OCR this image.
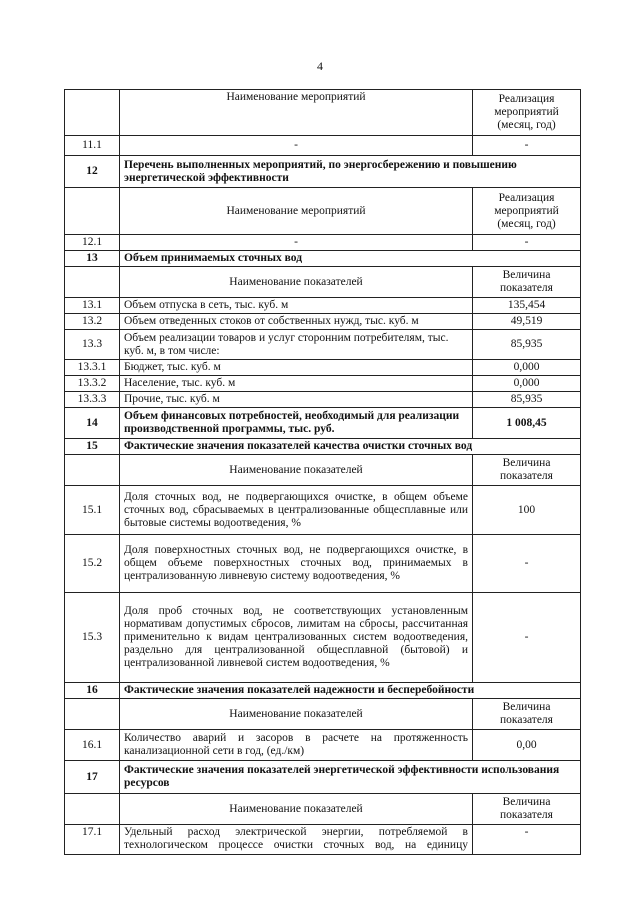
4
	Наименование мероприятий	Реализация мероприятий (месяц, год)
11.1	-	-
12	Перечень выполненных мероприятий, по энергосбережению и повышению энергетической эффективности	
	Наименование мероприятий	Реализация мероприятий (месяц, год)
12.1	-	-
13	Объем принимаемых сточных вод	
	Наименование показателей	Величина показателя
13.1	Объем отпуска в сеть, тыс. куб. м	135,454
13.2	Объем отведенных стоков от собственных нужд, тыс. куб. м	49,519
13.3	Объем реализации товаров и услуг сторонним потребителям, тыс. куб. м, в том числе:	85,935
13.3.1	Бюджет, тыс. куб. м	0,000
13.3.2	Население, тыс. куб. м	0,000
13.3.3	Прочие, тыс. куб. м	85,935
14	Объем финансовых потребностей, необходимый для реализации производственной программы, тыс. руб.	1 008,45
15	Фактические значения показателей качества очистки сточных вод	
	Наименование показателей	Величина показателя
15.1	Доля сточных вод, не подвергающихся очистке, в общем объеме сточных вод, сбрасываемых в централизованные общесплавные или бытовые системы водоотведения, %	100
15.2	Доля поверхностных сточных вод, не подвергающихся очистке, в общем объеме поверхностных сточных вод, принимаемых в централизованную ливневую систему водоотведения, %	-
15.3	Доля проб сточных вод, не соответствующих установленным нормативам допустимых сбросов, лимитам на сбросы, рассчитанная применительно к видам централизованных систем водоотведения, раздельно для централизованной общесплавной (бытовой) и централизованной ливневой систем водоотведения, %	-
16	Фактические значения показателей надежности и бесперебойности	
	Наименование показателей	Величина показателя
16.1	Количество аварий и засоров в расчете на протяженность канализационной сети в год, (ед./км)	0,00
17	Фактические значения показателей энергетической эффективности использования ресурсов	
	Наименование показателей	Величина показателя
17.1	Удельный расход электрической энергии, потребляемой в технологическом процессе очистки сточных вод, на единицу	-
